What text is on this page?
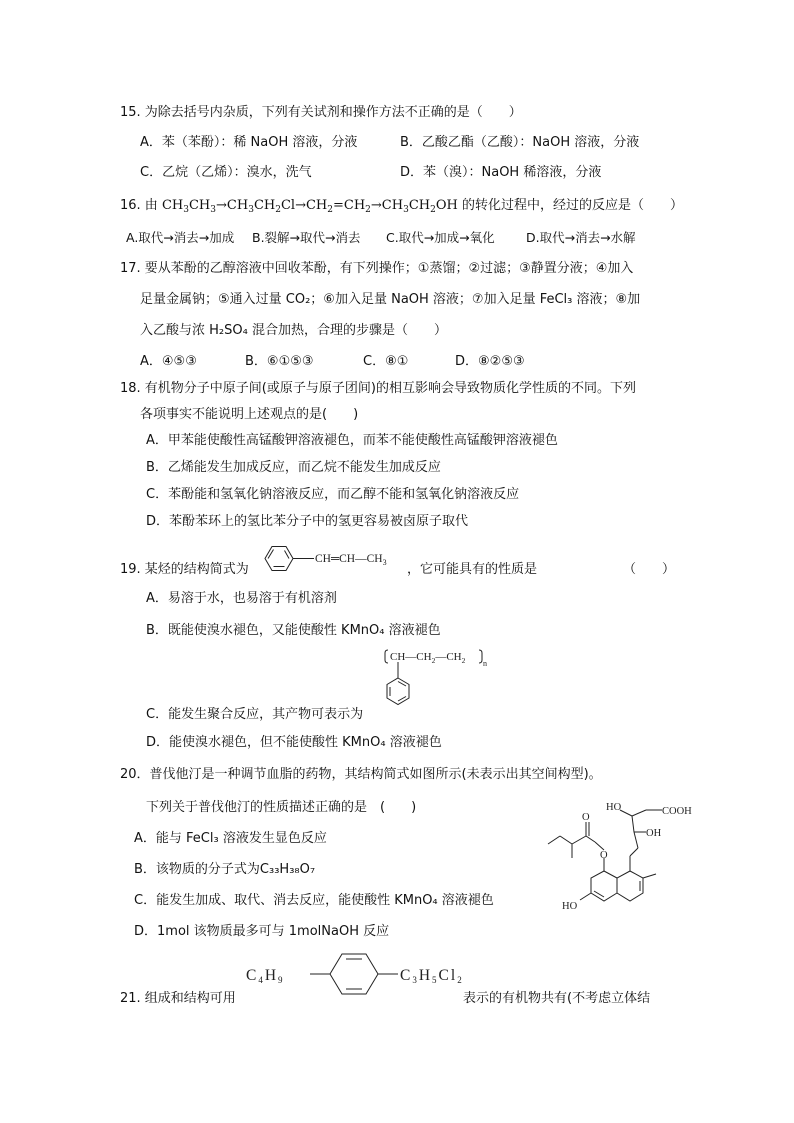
15. 为除去括号内杂质，下列有关试剂和操作方法不正确的是（　　）
A．苯（苯酚）：稀 NaOH 溶液，分液	B．乙酸乙酯（乙酸）：NaOH 溶液，分液
C．乙烷（乙烯）：溴水，洗气	D．苯（溴）：NaOH 稀溶液，分液
16. 由 $CH_3CH_3\to CH_3CH_2Cl\to CH_2=CH_2\to CH_3CH_2OH$ 的转化过程中，经过的反应是（　　）
A.取代→消去→加成 B.裂解→取代→消去 C.取代→加成→氧化	D.取代→消去→水解
17. 要从苯酚的乙醇溶液中回收苯酚，有下列操作；①蒸馏；②过滤；③静置分液；④加入
足量金属钠；⑤通入过量 CO₂；⑥加入足量 NaOH 溶液；⑦加入足量 FeCl₃ 溶液；⑧加
入乙酸与浓 H₂SO₄ 混合加热，合理的步骤是（　　）
A．④⑤③	B．⑥①⑤③	C．⑧①	D．⑧②⑤③
18. 有机物分子中原子间(或原子与原子团间)的相互影响会导致物质化学性质的不同。下列
各项事实不能说明上述观点的是(　　)
A．甲苯能使酸性高锰酸钾溶液褪色，而苯不能使酸性高锰酸钾溶液褪色
B．乙烯能发生加成反应，而乙烷不能发生加成反应
C．苯酚能和氢氧化钠溶液反应，而乙醇不能和氢氧化钠溶液反应
D．苯酚苯环上的氢比苯分子中的氢更容易被卤原子取代
19. 某烃的结构简式为
$CH═CH—CH_3$ ，它可能具有的性质是	（　　）
A．易溶于水，也易溶于有机溶剂
B．既能使溴水褪色，又能使酸性 KMnO₄ 溶液褪色
$CH—CH_2—CH_2$ n
C．能发生聚合反应，其产物可表示为
D．能使溴水褪色，但不能使酸性 KMnO₄ 溶液褪色
20．普伐他汀是一种调节血脂的药物，其结构简式如图所示(未表示出其空间构型)。
下列关于普伐他汀的性质描述正确的是　(　　)
A．能与 FeCl₃ 溶液发生显色反应
B．该物质的分子式为C₃₃H₃₈O₇
C．能发生加成、取代、消去反应，能使酸性 KMnO₄ 溶液褪色
D．1mol 该物质最多可与 1molNaOH 反应
HO	COOH
OH
O
O
HO
21. 组成和结构可用
C4H9	C3H5Cl2
表示的有机物共有(不考虑立体结
